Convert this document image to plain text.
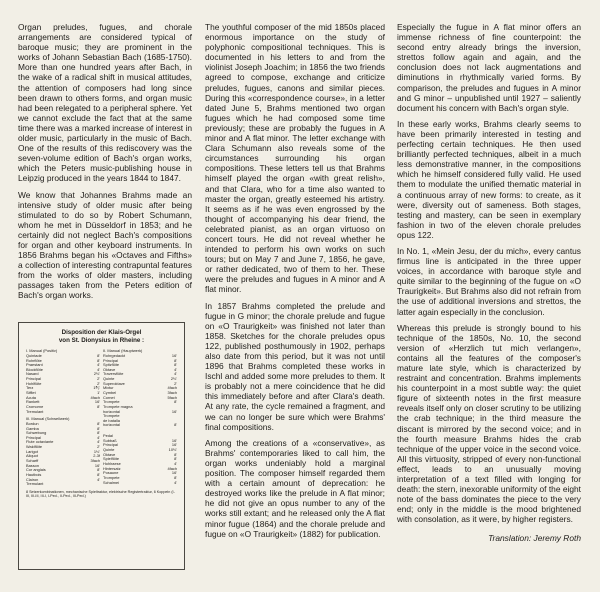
Organ preludes, fugues, and chorale arrangements are considered typical of baroque music; they are prominent in the works of Johann Sebastian Bach (1685-1750). More than one hundred years after Bach, in the wake of a radical shift in musical attitudes, the attention of composers had long since been drawn to others forms, and organ music had been relegated to a peripheral sphere. Yet we cannot exclude the fact that at the same time there was a marked increase of interest in older music, particularly in the music of Bach. One of the results of this rediscovery was the seven-volume edition of Bach's organ works, which the Peters music-publishing house in Leipzig produced in the years 1844 to 1847.

We know that Johannes Brahms made an intensive study of older music after being stimulated to do so by Robert Schumann, whom he met in Düsseldorf in 1853; and he certainly did not neglect Bach's compositions for organ and other keyboard instruments. In 1856 Brahms began his «Octaves and Fifths» a collection of interesting contrapuntal features from the works of older masters, including passages taken from the Peters edition of Bach's organ works.

Disposition der Klais-Orgel
von St. Dionysius in Rheine :
I. Manual (Positiv)
Quintade	8'
Rohrflöte	8'
Praestant	4'
Blockflöte	4'
Nasard	2⅔'
Principal	2'
Hohlflöte	2'
Terz	1⅗'
Sifflet	1'
Acuta	4fach
Rankett	16'
Cromorne	8'
Tremulant
III. Manual (Schwellwerk)
Bordun	8'
Gamba	8'
Schwebung	8'
Principal	4'
Flute octaviante	4'
Waldflöte	2'
Larigot	1⅓'
Aliquot	2-3f
Scharff	3fach
Basson	16'
Cor anglais	8'
Hautbois	8'
Clairon	4'
Tremulant
II. Manual (Hauptwerk)
Rohrgedackt	16'
Principal	8'
Spitzflöte	8'
Oktave	4'
Traversflöte	4'
Quinte	2⅔'
Superoktave	2'
Mixtur	4fach
Cymbel	3fach
Cornet	5fach
Trompete	8'
Trompete magna
horizontal	16'
Trompete
de batalla
horizontal	8'
Pedal
Subbaß	16'
Principal	16'
Quinte	10⅔'
Oktave	8'
Spielflöte	8'
Hohlraese	4'
Hintersatz	4fach
Posaune	16'
Trompete	8'
Schalmei	4'
8 Setzerkombinationen, mechanische Spieltraktur, elektrische Registertraktur, 6 Koppeln (I-III, III-III, III-I, I-Ped., II-Ped., III-Ped.)

The youthful composer of the mid 1850s placed enormous importance on the study of polyphonic compositional techniques. This is documented in his letters to and from the violinist Joseph Joachim; in 1856 the two friends agreed to compose, exchange and criticize preludes, fugues, canons and similar pieces. During this «correspondence course», in a letter dated June 5, Brahms mentioned two organ fugues which he had composed some time previously; these are probably the fugues in A minor and A flat minor. The letter exchange with Clara Schumann also reveals some of the circumstances surrounding his organ compositions. These letters tell us that Brahms himself played the organ «with great relish», and that Clara, who for a time also wanted to master the organ, greatly esteemed his artistry. It seems as if he was even engrossed by the thought of accompanying his dear friend, the celebrated pianist, as an organ virtuoso on concert tours. He did not reveal whether he intended to perform his own works on such tours; but on May 7 and June 7, 1856, he gave, or rather dedicated, two of them to her. These were the preludes and fugues in A minor and A flat minor.

In 1857 Brahms completed the prelude and fugue in G minor; the chorale prelude and fugue on «O Traurigkeit» was finished not later than 1858. Sketches for the chorale preludes opus 122, published posthumously in 1902, perhaps also date from this period, but it was not until 1896 that Brahms completed these works in Ischl and added some more preludes to them. It is probably not a mere coincidence that he did this immediately before and after Clara's death. At any rate, the cycle remained a fragment, and we can no longer be sure which were Brahms' final compositions.

Among the creations of a «conservative», as Brahms' contemporaries liked to call him, the organ works undeniably hold a marginal position. The composer himself regarded them with a certain amount of deprecation: he destroyed works like the prelude in A flat minor; he did not give an opus number to any of the works still extant; and he released only the A flat minor fugue (1864) and the chorale prelude and fugue on «O Traurigkeit» (1882) for publication.

Especially the fugue in A flat minor offers an immense richness of fine counterpoint: the second entry already brings the inversion, strettos follow again and again, and the conclusion does not lack augmentations and diminutions in rhythmically varied forms. By comparison, the preludes and fugues in A minor and G minor – unpublished until 1927 – saliently document his concern with Bach's organ style.

In these early works, Brahms clearly seems to have been primarily interested in testing and perfecting certain techniques. He then used brilliantly perfected techniques, albeit in a much less demonstrative manner, in the compositions which he himself considered fully valid. He used them to modulate the unified thematic material in a continuous array of new forms: to create, as it were, diversity out of sameness. Both stages, testing and mastery, can be seen in exemplary fashion in two of the eleven chorale preludes opus 122.

In No. 1, «Mein Jesu, der du mich», every cantus firmus line is anticipated in the three upper voices, in accordance with baroque style and quite similar to the beginning of the fugue on «O Traurigkeit». But Brahms also did not refrain from the use of additional inversions and strettos, the latter again especially in the conclusion.

Whereas this prelude is strongly bound to his technique of the 1850s, No. 10, the second version of «Herzlich tut mich verlangen», contains all the features of the composer's mature late style, which is characterized by restraint and concentration. Brahms implements his counterpoint in a most subtle way: the quiet figure of sixteenth notes in the first measure reveals itself only on closer scrutiny to be utilizing the crab technique; in the third measure the discant is mirrored by the second voice; and in the fourth measure Brahms hides the crab technique of the upper voice in the second voice. All this virtuosity, stripped of every non-functional effect, leads to an unusually moving interpretation of a text filled with longing for death: the stern, inexorable uniformity of the eight note of the bass dominates the piece to the very end; only in the middle is the mood brightened with consolation, as it were, by higher registers.

Translation: Jeremy Roth
